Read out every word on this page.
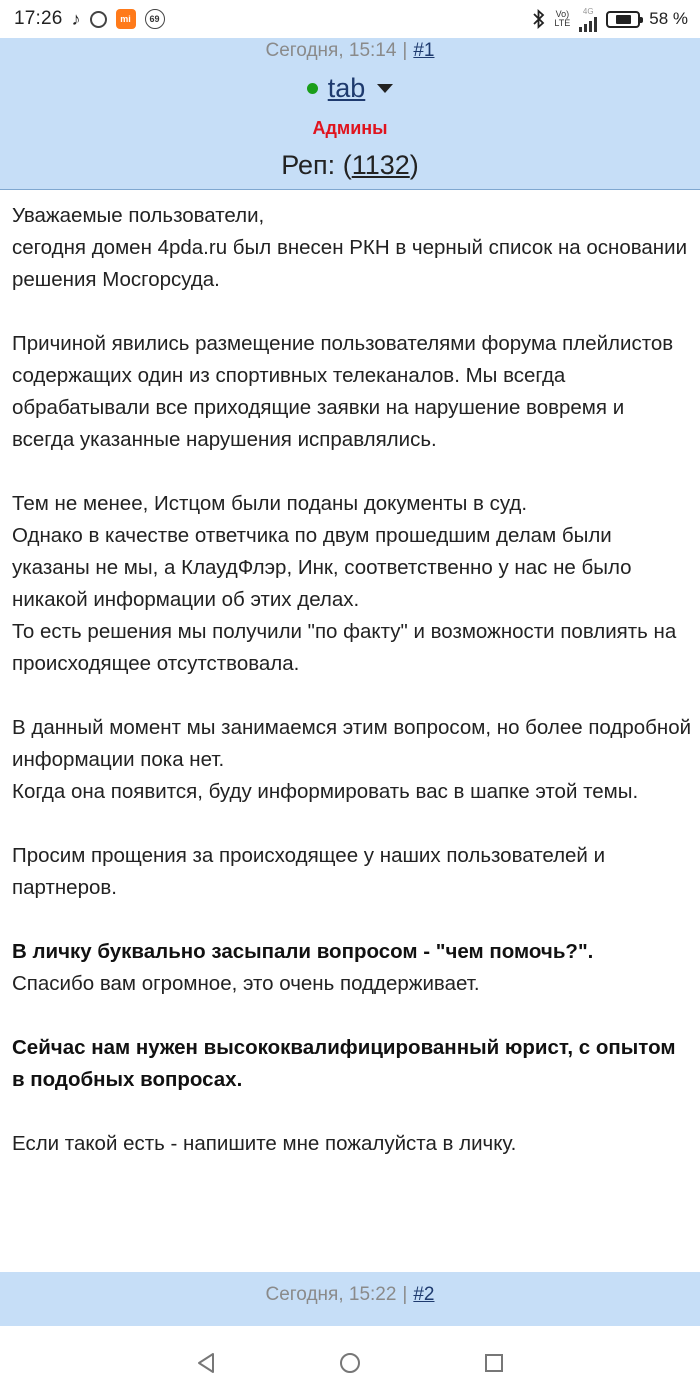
17:26 ♪	mi	69	Vo)
LTE
4G	58 %
Сегодня, 15:14 | #1
tab
Админы
Реп: (1132)

Уважаемые пользователи,

сегодня домен 4pda.ru был внесен РКН в черный список на основании решения Мосгорсуда.

Причиной явились размещение пользователями форума плейлистов содержащих один из спортивных телеканалов. Мы всегда обрабатывали все приходящие заявки на нарушение вовремя и всегда указанные нарушения исправлялись.

Тем не менее, Истцом были поданы документы в суд.

Однако в качестве ответчика по двум прошедшим делам были указаны не мы, а КлаудФлэр, Инк, соответственно у нас не было никакой информации об этих делах.

То есть решения мы получили "по факту" и возможности повлиять на происходящее отсутствовала.

В данный момент мы занимаемся этим вопросом, но более подробной информации пока нет.

Когда она появится, буду информировать вас в шапке этой темы.

Просим прощения за происходящее у наших пользователей и партнеров.

В личку буквально засыпали вопросом - "чем помочь?".

Спасибо вам огромное, это очень поддерживает.

Сейчас нам нужен высококвалифицированный юрист, с опытом в подобных вопросах.

Если такой есть - напишите мне пожалуйста в личку.

Сегодня, 15:22 | #2
